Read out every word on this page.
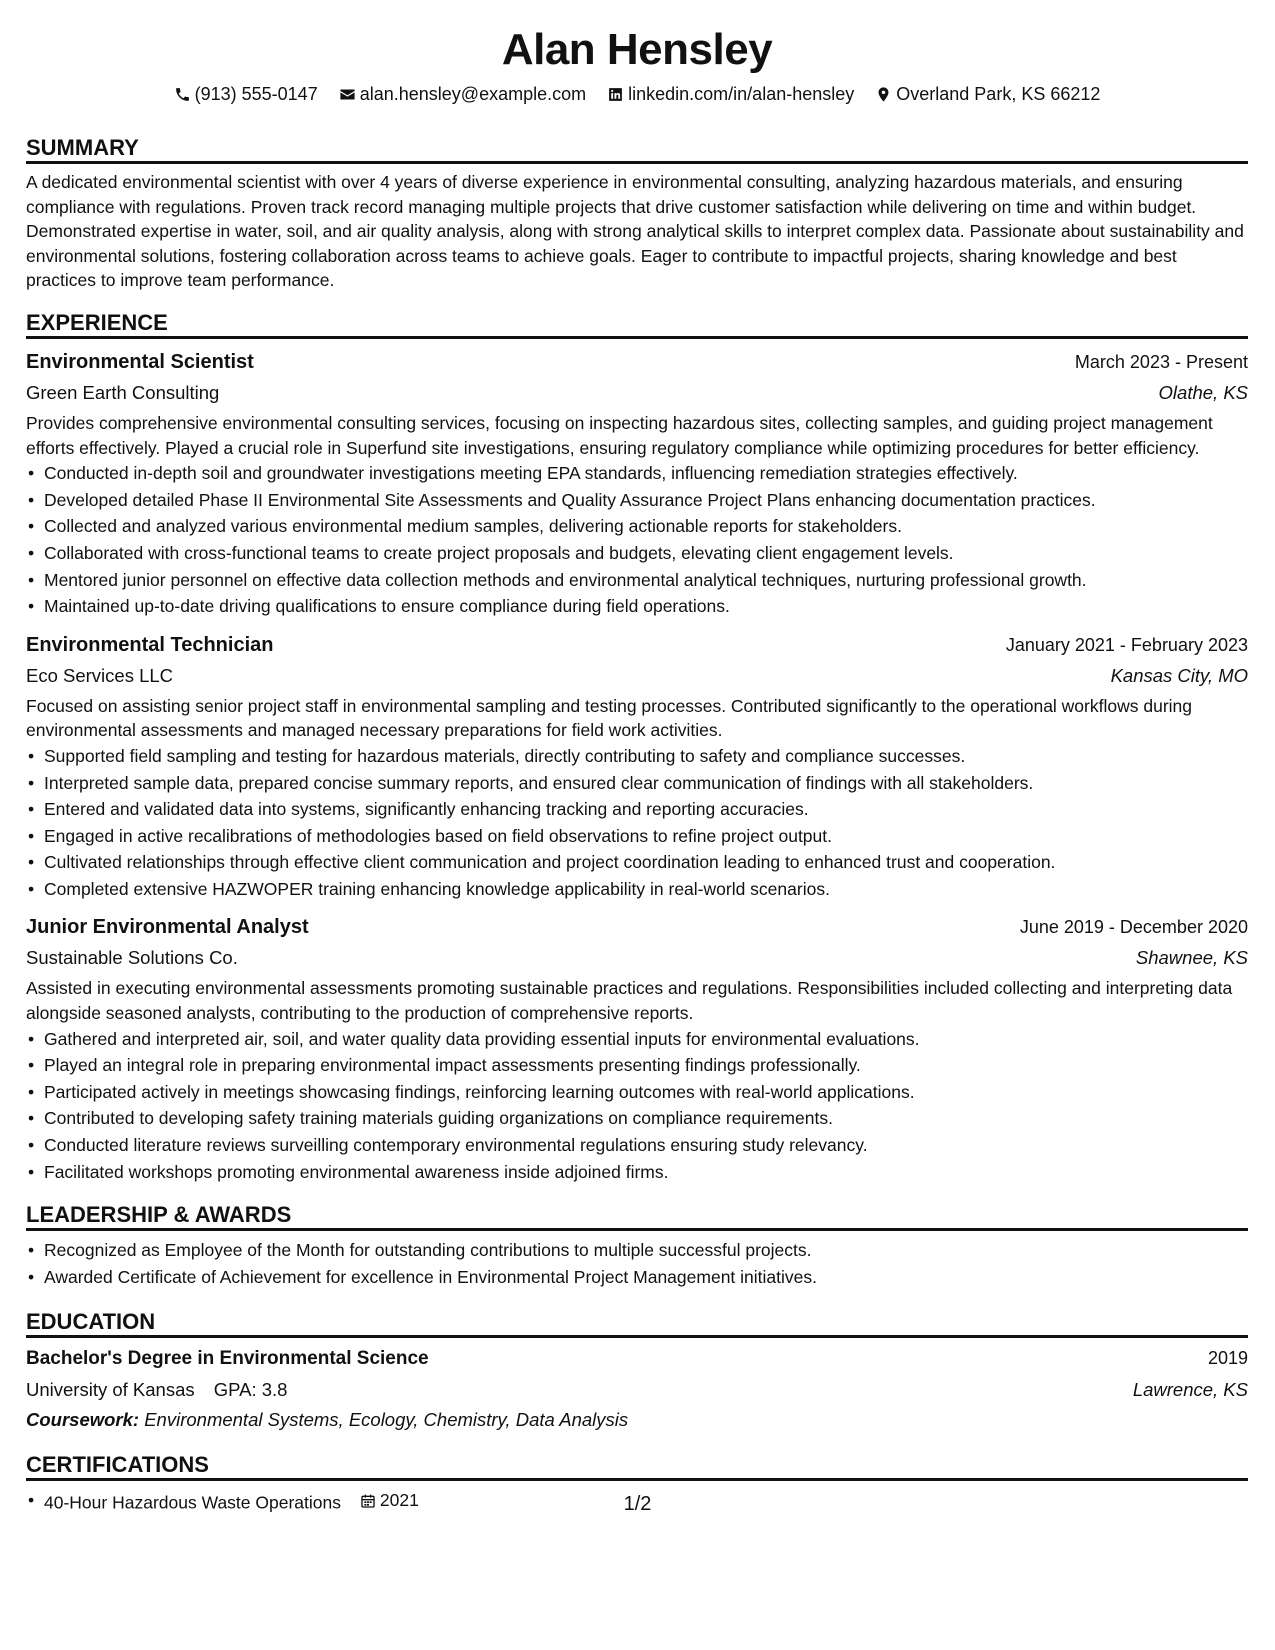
Alan Hensley
(913) 555-0147
alan.hensley@example.com
linkedin.com/in/alan-hensley
Overland Park, KS 66212
SUMMARY
A dedicated environmental scientist with over 4 years of diverse experience in environmental consulting, analyzing hazardous materials, and ensuring compliance with regulations. Proven track record managing multiple projects that drive customer satisfaction while delivering on time and within budget. Demonstrated expertise in water, soil, and air quality analysis, along with strong analytical skills to interpret complex data. Passionate about sustainability and environmental solutions, fostering collaboration across teams to achieve goals. Eager to contribute to impactful projects, sharing knowledge and best practices to improve team performance.
EXPERIENCE
Environmental Scientist	March 2023 - Present
Green Earth Consulting	Olathe, KS
Provides comprehensive environmental consulting services, focusing on inspecting hazardous sites, collecting samples, and guiding project management efforts effectively. Played a crucial role in Superfund site investigations, ensuring regulatory compliance while optimizing procedures for better efficiency.
• Conducted in-depth soil and groundwater investigations meeting EPA standards, influencing remediation strategies effectively.
• Developed detailed Phase II Environmental Site Assessments and Quality Assurance Project Plans enhancing documentation practices.
• Collected and analyzed various environmental medium samples, delivering actionable reports for stakeholders.
• Collaborated with cross-functional teams to create project proposals and budgets, elevating client engagement levels.
• Mentored junior personnel on effective data collection methods and environmental analytical techniques, nurturing professional growth.
• Maintained up-to-date driving qualifications to ensure compliance during field operations.
Environmental Technician	January 2021 - February 2023
Eco Services LLC	Kansas City, MO
Focused on assisting senior project staff in environmental sampling and testing processes. Contributed significantly to the operational workflows during environmental assessments and managed necessary preparations for field work activities.
• Supported field sampling and testing for hazardous materials, directly contributing to safety and compliance successes.
• Interpreted sample data, prepared concise summary reports, and ensured clear communication of findings with all stakeholders.
• Entered and validated data into systems, significantly enhancing tracking and reporting accuracies.
• Engaged in active recalibrations of methodologies based on field observations to refine project output.
• Cultivated relationships through effective client communication and project coordination leading to enhanced trust and cooperation.
• Completed extensive HAZWOPER training enhancing knowledge applicability in real-world scenarios.
Junior Environmental Analyst	June 2019 - December 2020
Sustainable Solutions Co.	Shawnee, KS
Assisted in executing environmental assessments promoting sustainable practices and regulations. Responsibilities included collecting and interpreting data alongside seasoned analysts, contributing to the production of comprehensive reports.
• Gathered and interpreted air, soil, and water quality data providing essential inputs for environmental evaluations.
• Played an integral role in preparing environmental impact assessments presenting findings professionally.
• Participated actively in meetings showcasing findings, reinforcing learning outcomes with real-world applications.
• Contributed to developing safety training materials guiding organizations on compliance requirements.
• Conducted literature reviews surveilling contemporary environmental regulations ensuring study relevancy.
• Facilitated workshops promoting environmental awareness inside adjoined firms.
LEADERSHIP & AWARDS
• Recognized as Employee of the Month for outstanding contributions to multiple successful projects.
• Awarded Certificate of Achievement for excellence in Environmental Project Management initiatives.
EDUCATION
Bachelor's Degree in Environmental Science	2019
University of Kansas GPA: 3.8	Lawrence, KS
Coursework: Environmental Systems, Ecology, Chemistry, Data Analysis
CERTIFICATIONS
• 40-Hour Hazardous Waste Operations 2021	1/2
